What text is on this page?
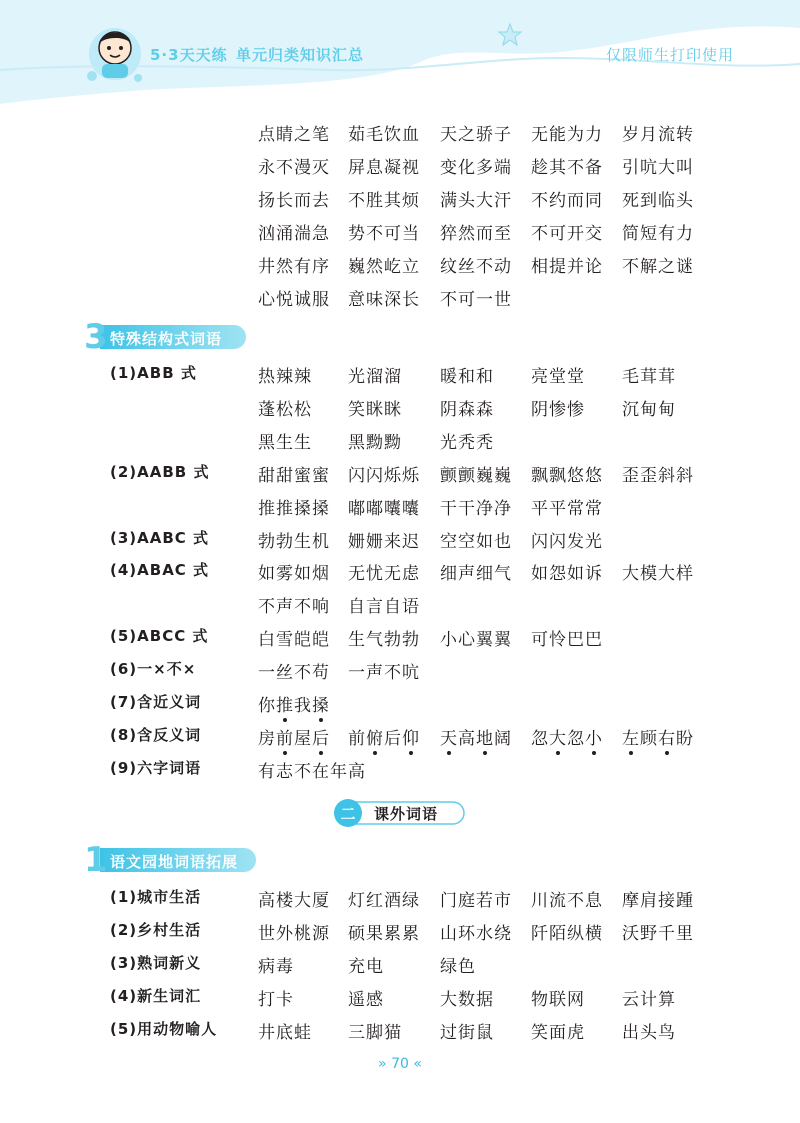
5·3天天练 单元归类知识汇总	仅限师生打印使用
点睛之笔 茹毛饮血 天之骄子 无能为力 岁月流转
永不漫灭 屏息凝视 变化多端 趁其不备 引吭大叫
扬长而去 不胜其烦 满头大汗 不约而同 死到临头
汹涌湍急 势不可当 猝然而至 不可开交 简短有力
井然有序 巍然屹立 纹丝不动 相提并论 不解之谜
心悦诚服 意味深长 不可一世
3 特殊结构式词语
(1)ABB 式	热辣辣 光溜溜 暖和和 亮堂堂 毛茸茸
蓬松松 笑眯眯 阴森森 阴惨惨 沉甸甸
黑生生 黑黝黝 光秃秃
(2)AABB 式	甜甜蜜蜜 闪闪烁烁 颤颤巍巍 飘飘悠悠 歪歪斜斜
推推搡搡 嘟嘟囔囔 干干净净 平平常常
(3)AABC 式	勃勃生机 姗姗来迟 空空如也 闪闪发光
(4)ABAC 式	如雾如烟 无忧无虑 细声细气 如怨如诉 大模大样
不声不响 自言自语
(5)ABCC 式	白雪皑皑 生气勃勃 小心翼翼 可怜巴巴
(6)一×不×	一丝不苟 一声不吭
(7)含近义词	你推我搡
(8)含反义词	房前屋后 前俯后仰 天高地阔 忽大忽小 左顾右盼
(9)六字词语	有志不在年高
二 课外词语
1 语文园地词语拓展
(1)城市生活	高楼大厦 灯红酒绿 门庭若市 川流不息 摩肩接踵
(2)乡村生活	世外桃源 硕果累累 山环水绕 阡陌纵横 沃野千里
(3)熟词新义	病毒	充电	绿色
(4)新生词汇	打卡	遥感	大数据 物联网 云计算
(5)用动物喻人 井底蛙 三脚猫 过街鼠 笑面虎 出头鸟
» 70 «
